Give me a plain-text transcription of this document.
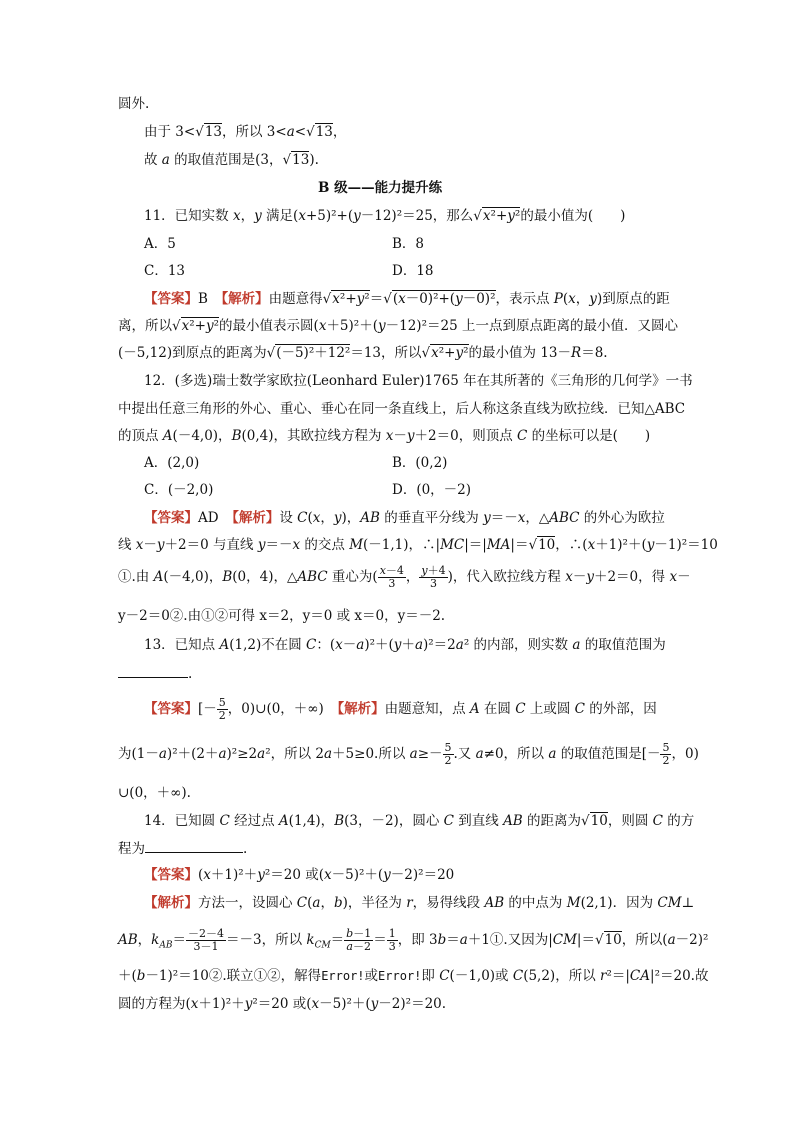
圆外.
由于 3<√13，所以 3<a<√13，
故 a 的取值范围是(3，√13).
B 级——能力提升练
11．已知实数 x，y 满足(x+5)²+(y－12)²＝25，那么√x²+y²的最小值为(　　)
A．5	B．8
C．13	D．18
【答案】B　【解析】由题意得√x²+y²＝√(x－0)²+(y－0)²，表示点 P(x，y)到原点的距
离，所以√x²+y²的最小值表示圆(x＋5)²＋(y－12)²＝25 上一点到原点距离的最小值．又圆心
(－5,12)到原点的距离为√(－5)²＋12²＝13，所以√x²+y²的最小值为 13－R＝8.
12．(多选)瑞士数学家欧拉(Leonhard Euler)1765 年在其所著的《三角形的几何学》一书
中提出任意三角形的外心、重心、垂心在同一条直线上，后人称这条直线为欧拉线．已知△ABC
的顶点 A(－4,0)，B(0,4)，其欧拉线方程为 x－y＋2＝0，则顶点 C 的坐标可以是(　　)
A．(2,0)	B．(0,2)
C．(－2,0)	D．(0，－2)
【答案】AD　【解析】设 C(x，y)，AB 的垂直平分线为 y＝－x，△ABC 的外心为欧拉
线 x－y＋2＝0 与直线 y＝－x 的交点 M(－1,1)，∴|MC|＝|MA|＝√10，∴(x＋1)²＋(y－1)²＝10
①.由 A(－4,0)，B(0，4)，△ABC 重心为( $\frac{x-4}{3}$ ， $\frac{y+4}{3}$ )，代入欧拉线方程 x－y＋2＝0，得 x－
y－2＝0②.由①②可得 x＝2，y＝0 或 x＝0，y＝－2.
13．已知点 A(1,2)不在圆 C：(x－a)²＋(y＋a)²＝2a² 的内部，则实数 a 的取值范围为
.
【答案】[－ $\frac{5}{2}$ ，0)∪(0，＋∞)　【解析】由题意知，点 A 在圆 C 上或圆 C 的外部，因
为(1－a)²＋(2＋a)²≥2a²，所以 2a＋5≥0.所以 $a\ge- \frac{5}{2}$ .又 a≠0，所以 a 的取值范围是[－ $\frac{5}{2}$ ，0)
∪(0，＋∞).
14．已知圆 C 经过点 A(1,4)，B(3，－2)，圆心 C 到直线 AB 的距离为√10，则圆 C 的方
程为	.
【答案】(x＋1)²＋y²＝20 或(x－5)²＋(y－2)²＝20
【解析】方法一，设圆心 C(a，b)，半径为 r，易得线段 AB 的中点为 M(2,1)．因为 CM⊥
AB，$k_{AB}= \frac{-2-4}{3-1} =-3$，所以 $k_{CM}= \frac{b-1}{a-2} = \frac{1}{3}$ ，即 3b＝a＋1①.又因为|CM|＝√10，所以(a－2)²
＋(b－1)²＝10②.联立①②，解得Error!或Error!即 C(－1,0)或 C(5,2)，所以 r²＝|CA|²＝20.故
圆的方程为(x＋1)²＋y²＝20 或(x－5)²＋(y－2)²＝20.
